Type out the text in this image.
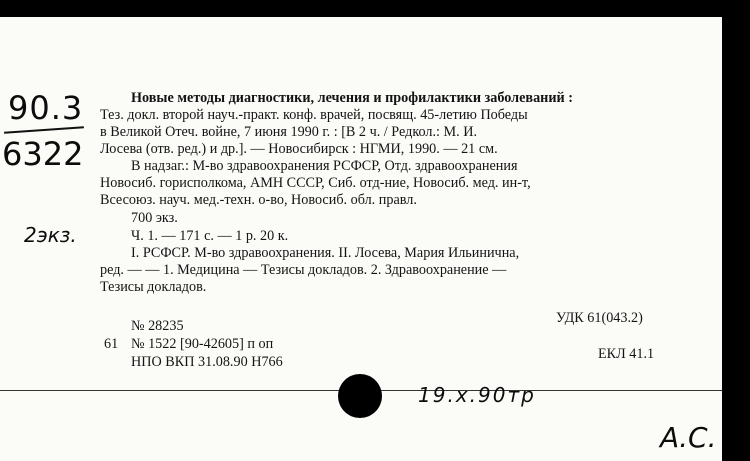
90.3
6322
2экз.
Новые методы диагностики, лечения и профилактики заболеваний :
Тез. докл. второй науч.-практ. конф. врачей, посвящ. 45-летию Победы
в Великой Отеч. войне, 7 июня 1990 г. : [В 2 ч. / Редкол.: М. И.
Лосева (отв. ред.) и др.]. — Новосибирск : НГМИ, 1990. — 21 см.
В надзаг.: М-во здравоохранения РСФСР, Отд. здравоохранения
Новосиб. горисполкома, АМН СССР, Сиб. отд-ние, Новосиб. мед. ин-т,
Всесоюз. науч. мед.-техн. о-во, Новосиб. обл. правл.
700 экз.
Ч. 1. — 171 с. — 1 р. 20 к.
I. РСФСР. М-во здравоохранения. II. Лосева, Мария Ильинична,
ред. — — 1. Медицина — Тезисы докладов. 2. Здравоохранение —
Тезисы докладов.
УДК 61(043.2)
№ 28235
61 № 1522 [90-42605] п оп
НПО ВКП 31.08.90 Н766	ЕКЛ 41.1
19.x.90тр
А.С.
